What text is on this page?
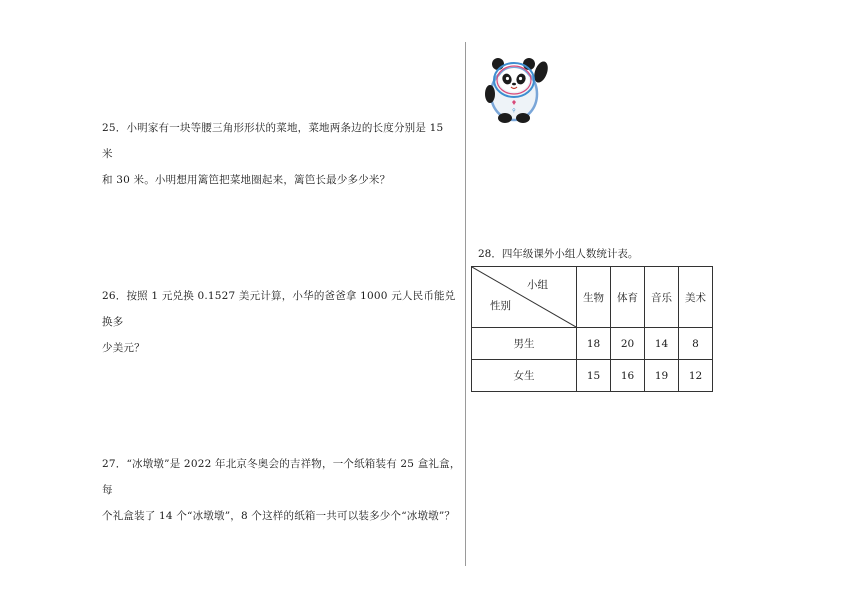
25．小明家有一块等腰三角形形状的菜地，菜地两条边的长度分别是 15 米
和 30 米。小明想用篱笆把菜地圈起来，篱笆长最少多少米？
26．按照 1 元兑换 0.1527 美元计算，小华的爸爸拿 1000 元人民币能兑换多
少美元？
27．“冰墩墩”是 2022 年北京冬奥会的吉祥物，一个纸箱装有 25 盒礼盒，每
个礼盒装了 14 个“冰墩墩”，8 个这样的纸箱一共可以装多少个“冰墩墩”？
⚲
28．四年级课外小组人数统计表。
小组
性别	生物	体育	音乐	美术
男生	18	20	14	8
女生	15	16	19	12
